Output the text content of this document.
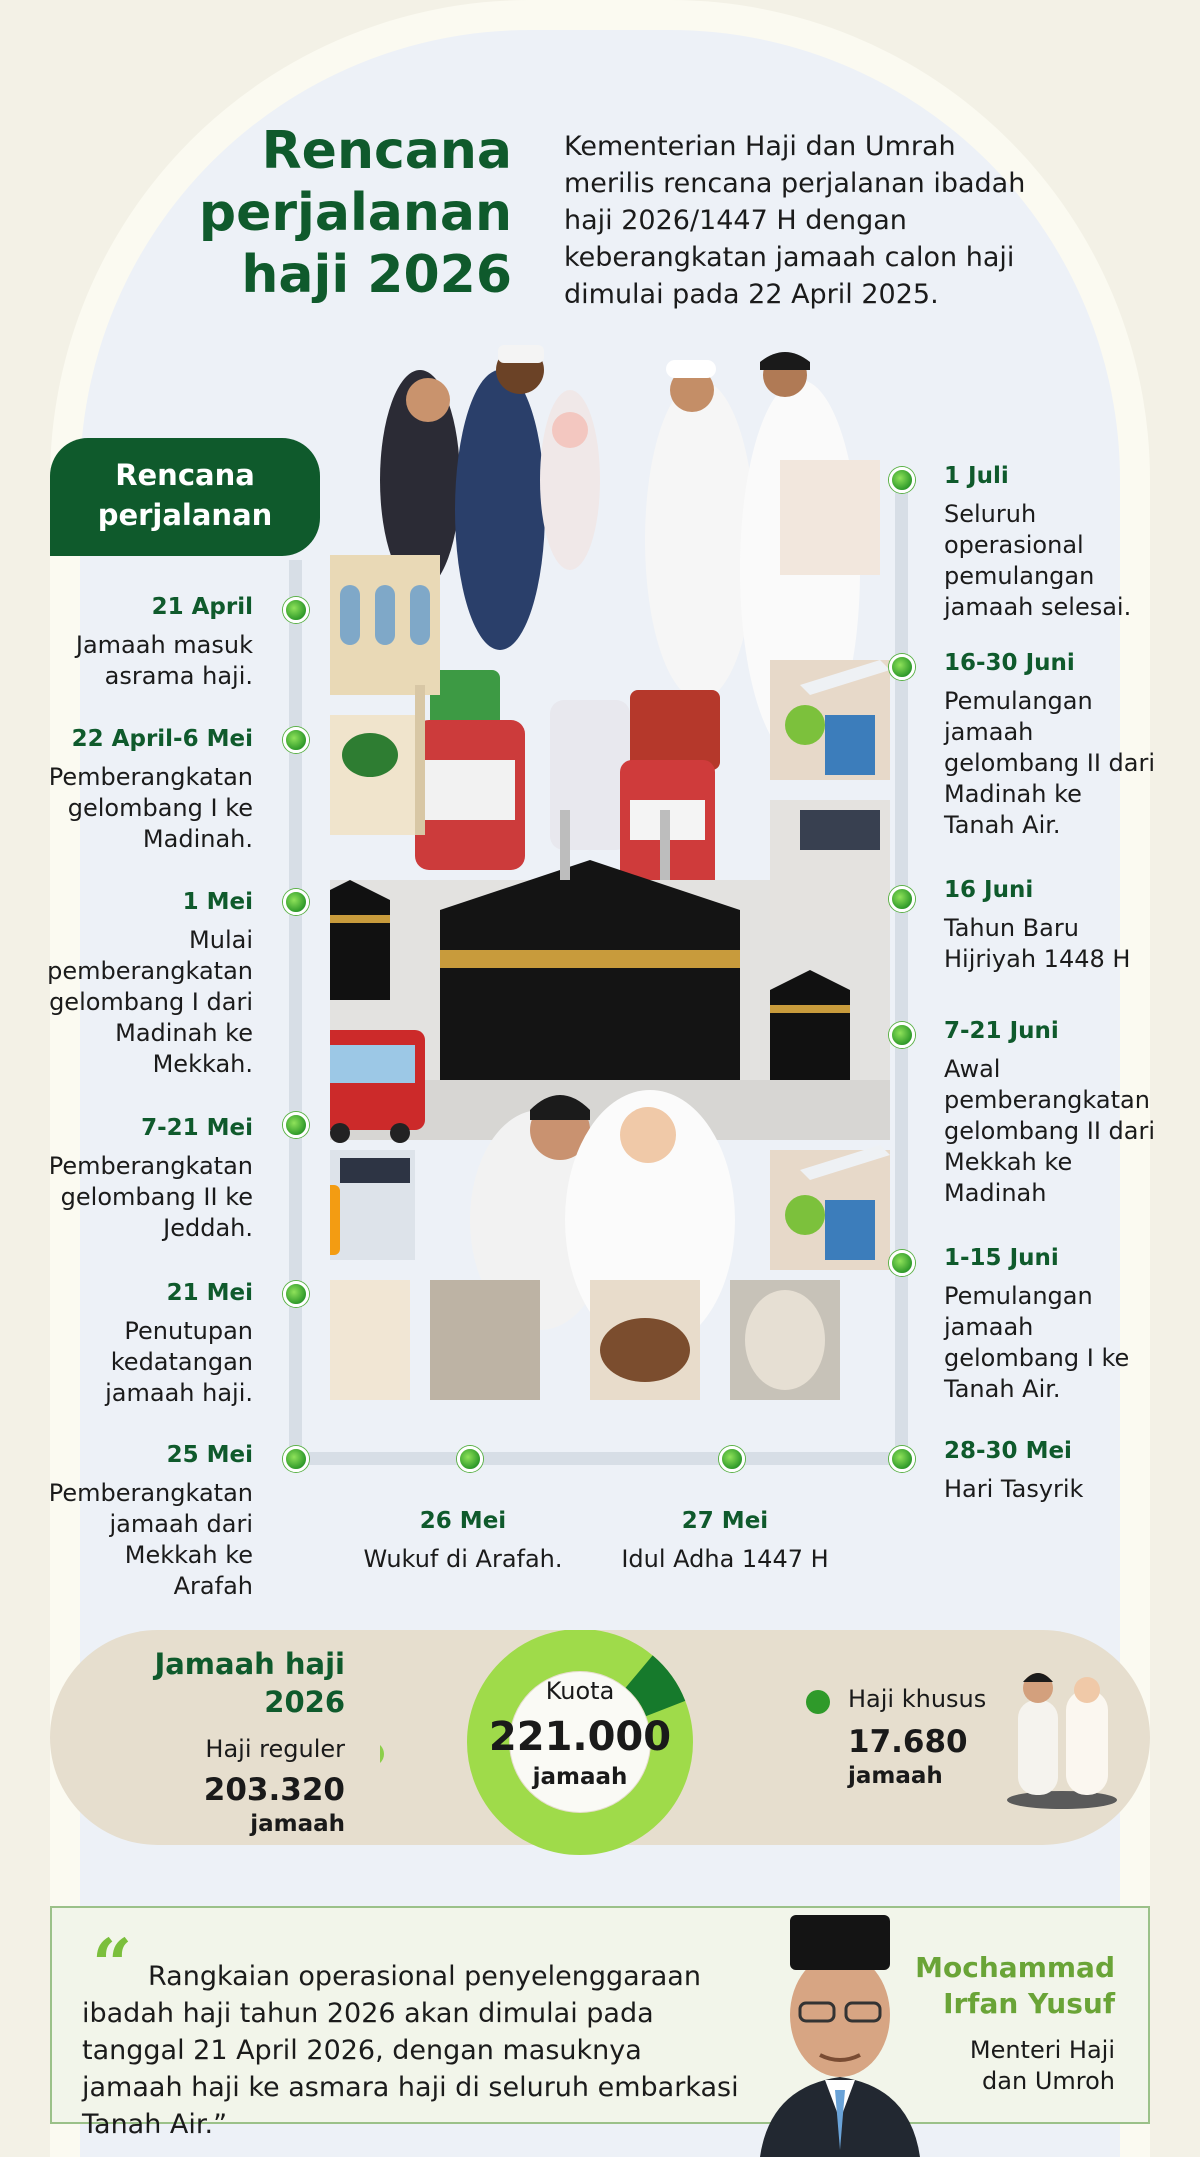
Rencana
perjalanan
haji 2026
Kementerian Haji dan Umrah merilis rencana perjalanan ibadah haji 2026/1447 H dengan keberangkatan jamaah calon haji dimulai pada 22 April 2025.
Rencana
perjalanan
21 April
Jamaah masuk asrama haji.
22 April-6 Mei
Pemberangkatan gelombang I ke Madinah.
1 Mei
Mulai pemberangkatan gelombang I dari Madinah ke Mekkah.
7-21 Mei
Pemberangkatan gelombang II ke Jeddah.
21 Mei
Penutupan kedatangan jamaah haji.
25 Mei
Pemberangkatan jamaah dari Mekkah ke Arafah
26 Mei
Wukuf di Arafah.
27 Mei
Idul Adha 1447 H
1 Juli
Seluruh operasional pemulangan jamaah selesai.
16-30 Juni
Pemulangan jamaah gelombang II dari Madinah ke Tanah Air.
16 Juni
Tahun Baru Hijriyah 1448 H
7-21 Juni
Awal pemberangkatan gelombang II dari Mekkah ke Madinah
1-15 Juni
Pemulangan jamaah gelombang I ke Tanah Air.
28-30 Mei
Hari Tasyrik
Jamaah haji
2026
Haji reguler
203.320
jamaah
Kuota
221.000
jamaah
Haji khusus
17.680
jamaah
“ Rangkaian operasional penyelenggaraan ibadah haji tahun 2026 akan dimulai pada tanggal 21 April 2026, dengan masuknya jamaah haji ke asmara haji di seluruh embarkasi Tanah Air.”
Mochammad
Irfan Yusuf
Menteri Haji
dan Umroh
